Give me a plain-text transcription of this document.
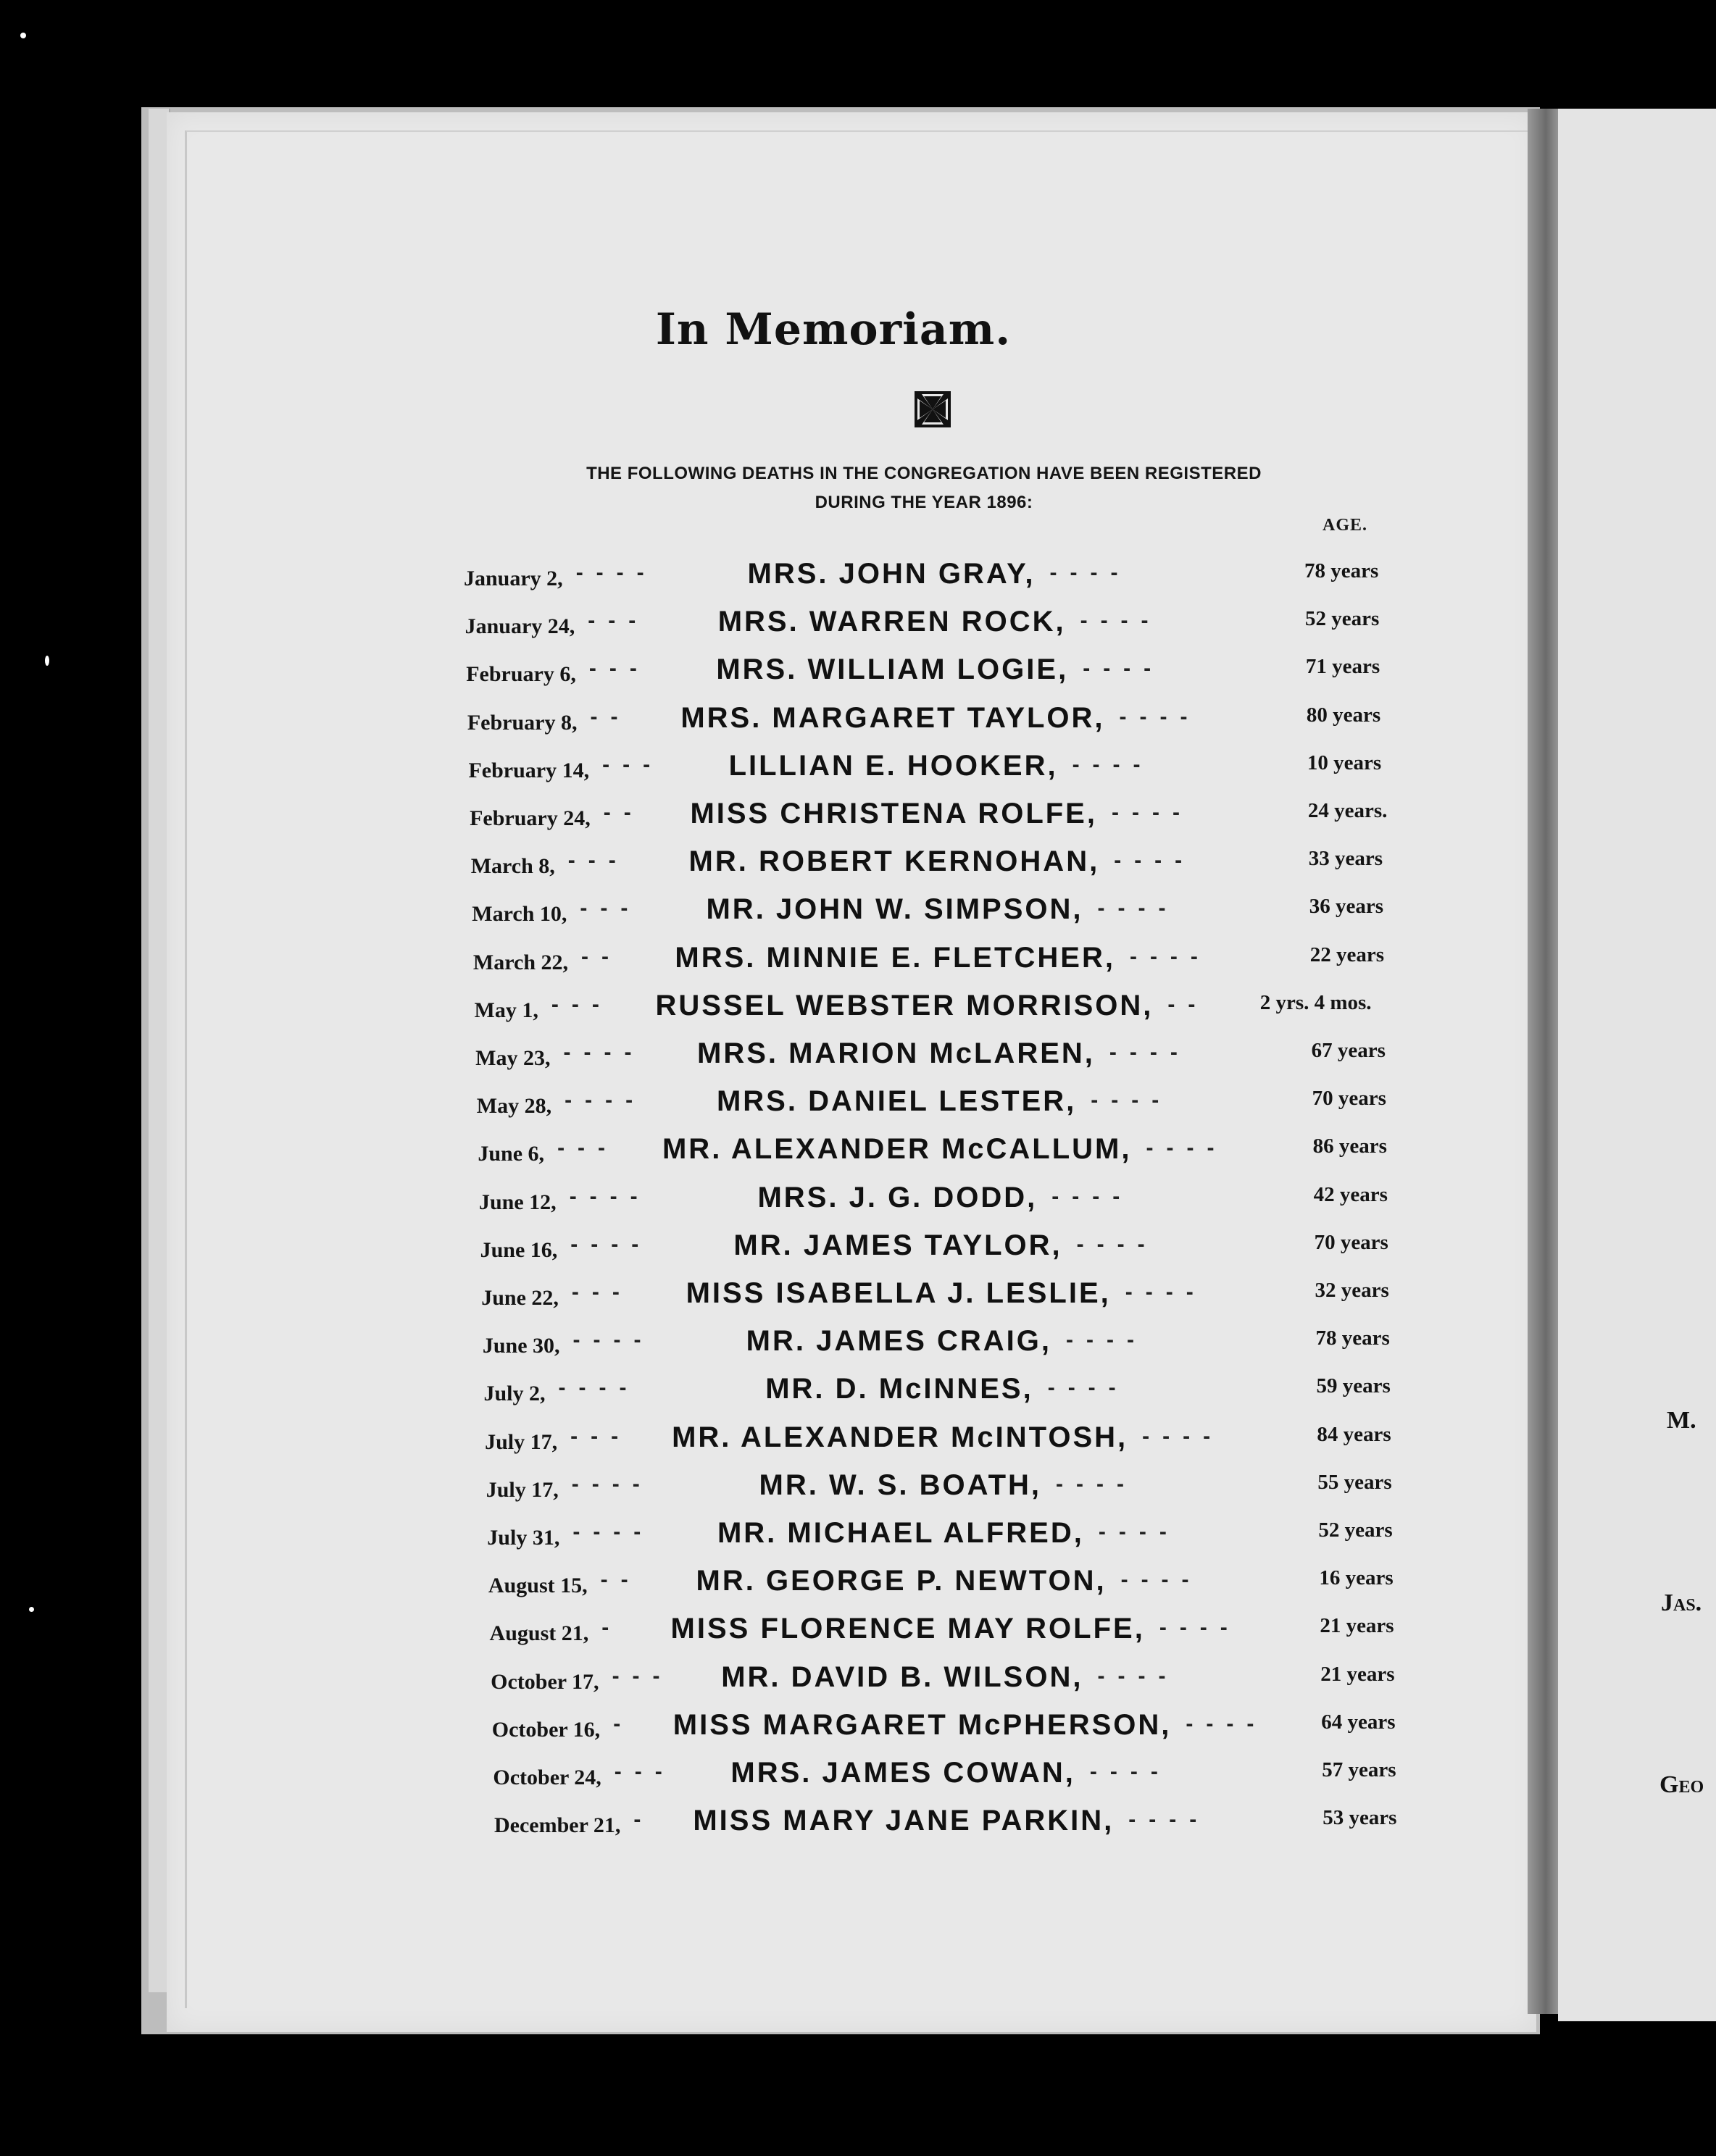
M.
Jas.
Geo
In Memoriam.
THE FOLLOWING DEATHS IN THE CONGREGATION HAVE BEEN REGISTERED
DURING THE YEAR 1896:
AGE.
January 2,	MRS. JOHN GRAY,	78 years
----	----
January 24,	MRS. WARREN ROCK,	52 years
---	----
February 6,	MRS. WILLIAM LOGIE,	71 years
---	----
February 8,	MRS. MARGARET TAYLOR,	80 years
--	----
February 14,	LILLIAN E. HOOKER,	10 years
---	----
February 24,	MISS CHRISTENA ROLFE,	24 years.
--	----
March 8,	MR. ROBERT KERNOHAN,	33 years
---	----
March 10,	MR. JOHN W. SIMPSON,	36 years
---	----
March 22,	MRS. MINNIE E. FLETCHER,	22 years
--	----
May 1,	RUSSEL WEBSTER MORRISON,	2 yrs. 4 mos.
---	--
May 23,	MRS. MARION McLAREN,	67 years
----	----
May 28,	MRS. DANIEL LESTER,	70 years
----	----
June 6,	MR. ALEXANDER McCALLUM,	86 years
---	----
June 12,	MRS. J. G. DODD,	42 years
----	----
June 16,	MR. JAMES TAYLOR,	70 years
----	----
June 22,	MISS ISABELLA J. LESLIE,	32 years
---	----
June 30,	MR. JAMES CRAIG,	78 years
----	----
July 2,	MR. D. McINNES,	59 years
----	----
July 17,	MR. ALEXANDER McINTOSH,	84 years
---	----
July 17,	MR. W. S. BOATH,	55 years
----	----
July 31,	MR. MICHAEL ALFRED,	52 years
----	----
August 15,	MR. GEORGE P. NEWTON,	16 years
--	----
August 21,	MISS FLORENCE MAY ROLFE,	21 years
-	----
October 17,	MR. DAVID B. WILSON,	21 years
---	----
October 16,	MISS MARGARET McPHERSON,	64 years
-	----
October 24,	MRS. JAMES COWAN,	57 years
---	----
December 21, MISS MARY JANE PARKIN,	53 years
-	----
